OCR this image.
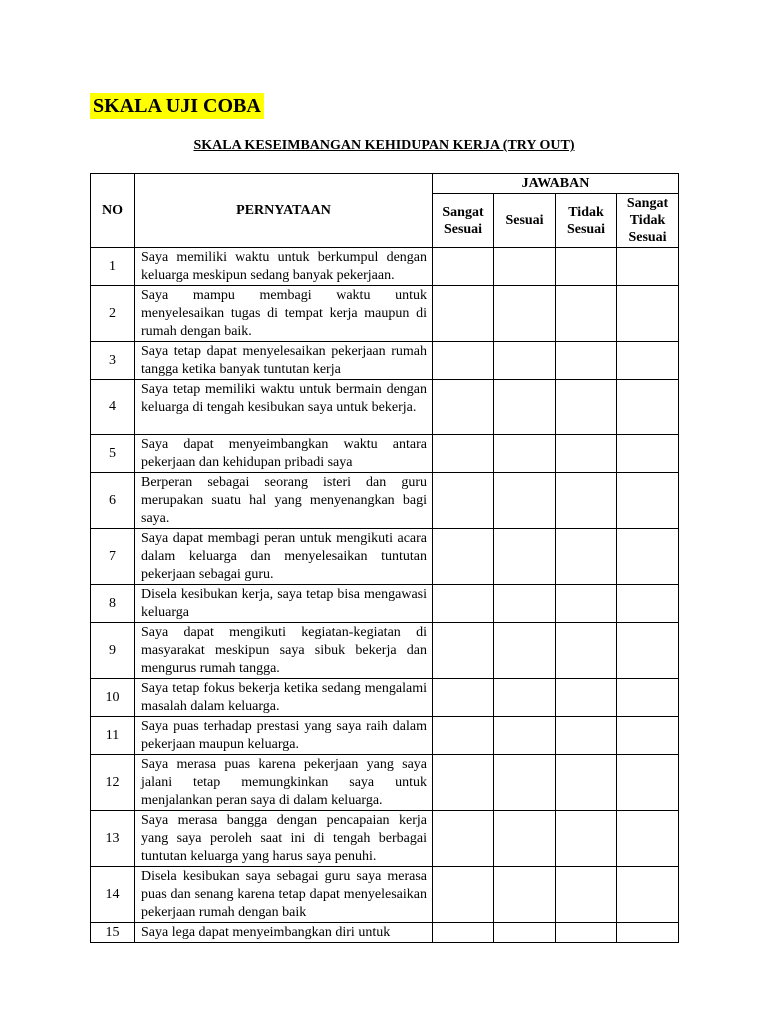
SKALA UJI COBA
SKALA KESEIMBANGAN KEHIDUPAN KERJA (TRY OUT)
NO	PERNYATAAN	JAWABAN			
		Sangat Sesuai	Sesuai	Tidak Sesuai	Sangat Tidak Sesuai
1	Saya memiliki waktu untuk berkumpul dengan keluarga meskipun sedang banyak pekerjaan.				
2	Saya mampu membagi waktu untuk menyelesaikan tugas di tempat kerja maupun di rumah dengan baik.				
3	Saya tetap dapat menyelesaikan pekerjaan rumah tangga ketika banyak tuntutan kerja				
4	Saya tetap memiliki waktu untuk bermain dengan keluarga di tengah kesibukan saya untuk bekerja.				
5	Saya dapat menyeimbangkan waktu antara pekerjaan dan kehidupan pribadi saya				
6	Berperan sebagai seorang isteri dan guru merupakan suatu hal yang menyenangkan bagi saya.				
7	Saya dapat membagi peran untuk mengikuti acara dalam keluarga dan menyelesaikan tuntutan pekerjaan sebagai guru.				
8	Disela kesibukan kerja, saya tetap bisa mengawasi keluarga				
9	Saya dapat mengikuti kegiatan-kegiatan di masyarakat meskipun saya sibuk bekerja dan mengurus rumah tangga.				
10	Saya tetap fokus bekerja ketika sedang mengalami masalah dalam keluarga.				
11	Saya puas terhadap prestasi yang saya raih dalam pekerjaan maupun keluarga.				
12	Saya merasa puas karena pekerjaan yang saya jalani tetap memungkinkan saya untuk menjalankan peran saya di dalam keluarga.				
13	Saya merasa bangga dengan pencapaian kerja yang saya peroleh saat ini di tengah berbagai tuntutan keluarga yang harus saya penuhi.				
14	Disela kesibukan saya sebagai guru saya merasa puas dan senang karena tetap dapat menyelesaikan pekerjaan rumah dengan baik				
15	Saya lega dapat menyeimbangkan diri untuk				
